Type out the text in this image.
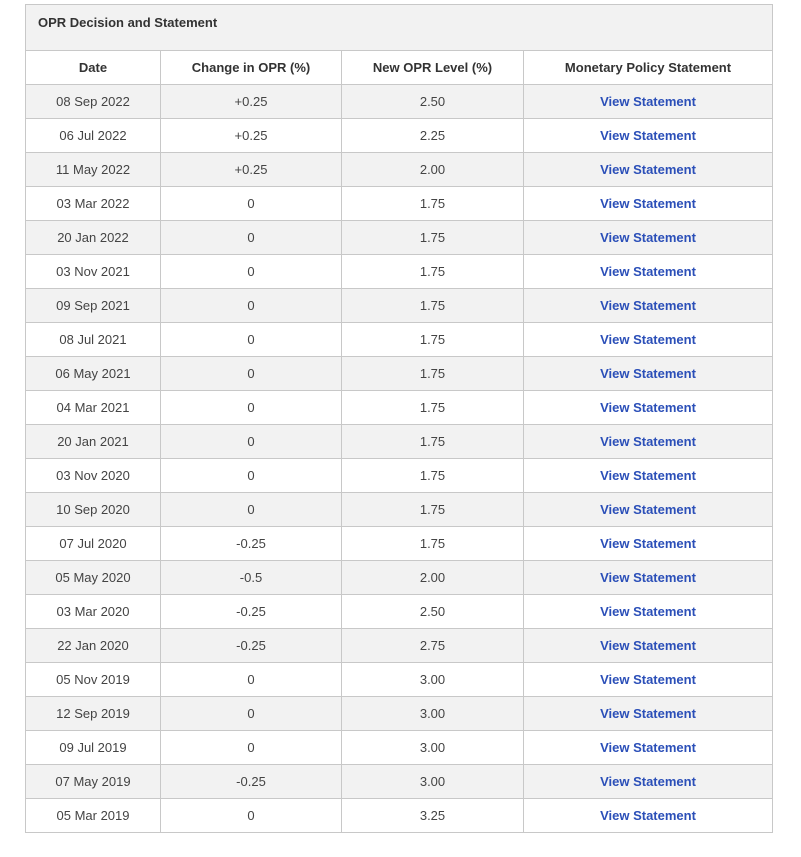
OPR Decision and Statement
Date	Change in OPR (%)	New OPR Level (%)	Monetary Policy Statement
08 Sep 2022	+0.25	2.50	View Statement
06 Jul 2022	+0.25	2.25	View Statement
11 May 2022	+0.25	2.00	View Statement
03 Mar 2022	0	1.75	View Statement
20 Jan 2022	0	1.75	View Statement
03 Nov 2021	0	1.75	View Statement
09 Sep 2021	0	1.75	View Statement
08 Jul 2021	0	1.75	View Statement
06 May 2021	0	1.75	View Statement
04 Mar 2021	0	1.75	View Statement
20 Jan 2021	0	1.75	View Statement
03 Nov 2020	0	1.75	View Statement
10 Sep 2020	0	1.75	View Statement
07 Jul 2020	-0.25	1.75	View Statement
05 May 2020	-0.5	2.00	View Statement
03 Mar 2020	-0.25	2.50	View Statement
22 Jan 2020	-0.25	2.75	View Statement
05 Nov 2019	0	3.00	View Statement
12 Sep 2019	0	3.00	View Statement
09 Jul 2019	0	3.00	View Statement
07 May 2019	-0.25	3.00	View Statement
05 Mar 2019	0	3.25	View Statement
